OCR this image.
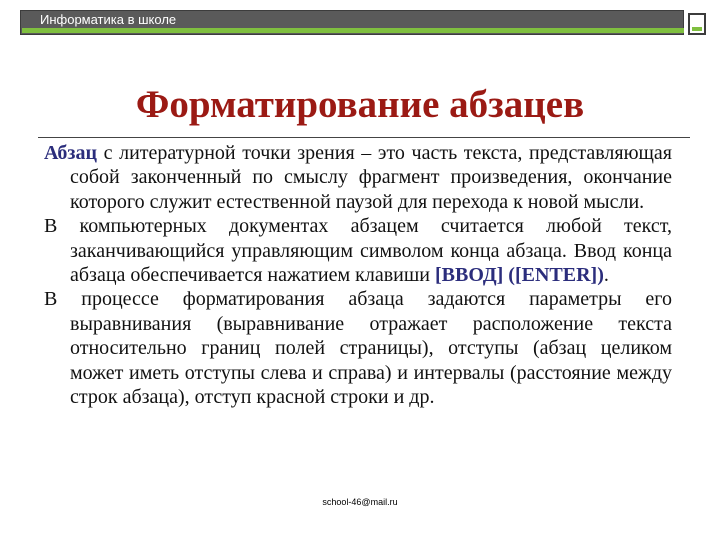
Информатика в школе
Форматирование абзацев

Абзац с литературной точки зрения – это часть текста, представляющая собой законченный по смыслу фрагмент произведения, окончание которого служит естественной паузой для перехода к новой мысли.

В компьютерных документах абзацем считается любой текст, заканчивающийся управляющим символом конца абзаца. Ввод конца абзаца обеспечивается нажатием клавиши [ВВОД] ([ENTER]).

В процессе форматирования абзаца задаются параметры его выравнивания (выравнивание отражает расположение текста относительно границ полей страницы), отступы (абзац целиком может иметь отступы слева и справа) и интервалы (расстояние между строк абзаца), отступ красной строки и др.

school-46@mail.ru
